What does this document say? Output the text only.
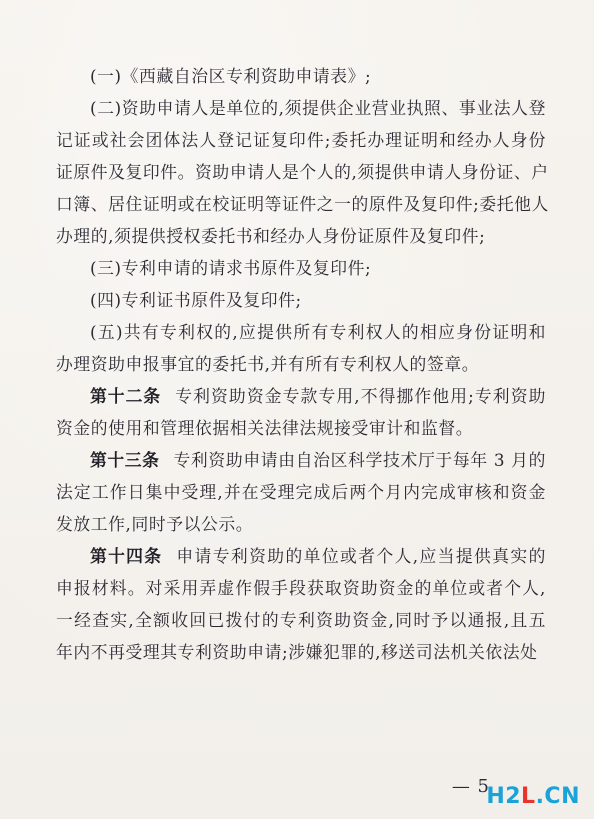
(一)《西藏自治区专利资助申请表》;
(二)资助申请人是单位的,须提供企业营业执照、事业法人登
记证或社会团体法人登记证复印件;委托办理证明和经办人身份
证原件及复印件。资助申请人是个人的,须提供申请人身份证、户
口簿、居住证明或在校证明等证件之一的原件及复印件;委托他人
办理的,须提供授权委托书和经办人身份证原件及复印件;
(三)专利申请的请求书原件及复印件;
(四)专利证书原件及复印件;
(五)共有专利权的,应提供所有专利权人的相应身份证明和
办理资助申报事宜的委托书,并有所有专利权人的签章。
第十二条 专利资助资金专款专用,不得挪作他用;专利资助
资金的使用和管理依据相关法律法规接受审计和监督。
第十三条 专利资助申请由自治区科学技术厅于每年 3 月的
法定工作日集中受理,并在受理完成后两个月内完成审核和资金
发放工作,同时予以公示。
第十四条 申请专利资助的单位或者个人,应当提供真实的
申报材料。对采用弄虚作假手段获取资助资金的单位或者个人,
一经查实,全额收回已拨付的专利资助资金,同时予以通报,且五
年内不再受理其专利资助申请;涉嫌犯罪的,移送司法机关依法处
— 5
H2L.CN
